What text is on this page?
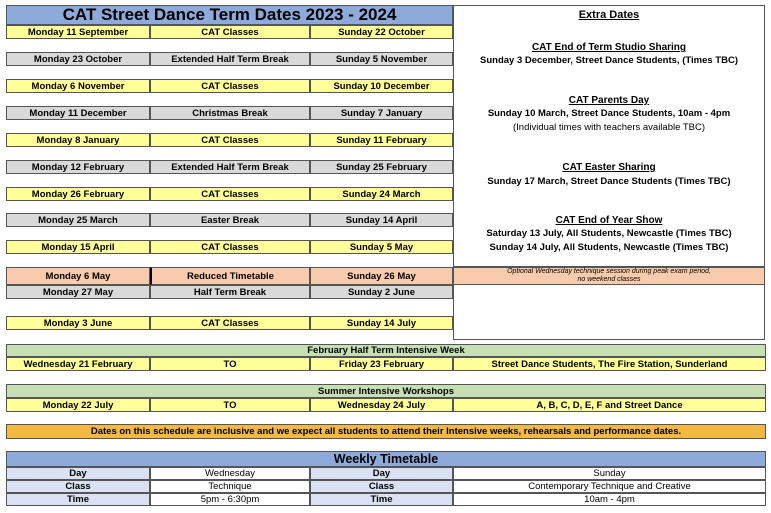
CAT Street Dance Term Dates 2023 - 2024
Monday 11 September	CAT Classes	Sunday 22 October
Monday 23 October	Extended Half Term Break	Sunday 5 November
Monday 6 November	CAT Classes	Sunday 10 December
Monday 11 December	Christmas Break	Sunday 7 January
Monday 8 January	CAT Classes	Sunday 11 February
Monday 12 February	Extended Half Term Break	Sunday 25 February
Monday 26 February	CAT Classes	Sunday 24 March
Monday 25 March	Easter Break	Sunday 14 April
Monday 15 April	CAT Classes	Sunday 5 May
Monday 6 May	Reduced Timetable	Sunday 26 May
Monday 27 May	Half Term Break	Sunday 2 June
Monday 3 June	CAT Classes	Sunday 14 July
Optional Wednesday technique session during peak exam period,
no weekend classes
Extra Dates
CAT End of Term Studio Sharing
Sunday 3 December, Street Dance Students, (Times TBC)
CAT Parents Day
Sunday 10 March, Street Dance Students, 10am - 4pm
(Individual times with teachers available TBC)
CAT Easter Sharing
Sunday 17 March, Street Dance Students (Times TBC)
CAT End of Year Show
Saturday 13 July, All Students, Newcastle (Times TBC)
Sunday 14 July, All Students, Newcastle (Times TBC)
February Half Term Intensive Week
Wednesday 21 February	TO	Friday 23 February	Street Dance Students, The Fire Station, Sunderland
Summer Intensive Workshops
Monday 22 July	TO	Wednesday 24 July	A, B, C, D, E, F and Street Dance
Dates on this schedule are inclusive and we expect all students to attend their Intensive weeks, rehearsals and performance dates.
Weekly Timetable
Day	Wednesday	Day	Sunday
Class	Technique	Class	Contemporary Technique and Creative
Time	5pm - 6:30pm	Time	10am - 4pm
